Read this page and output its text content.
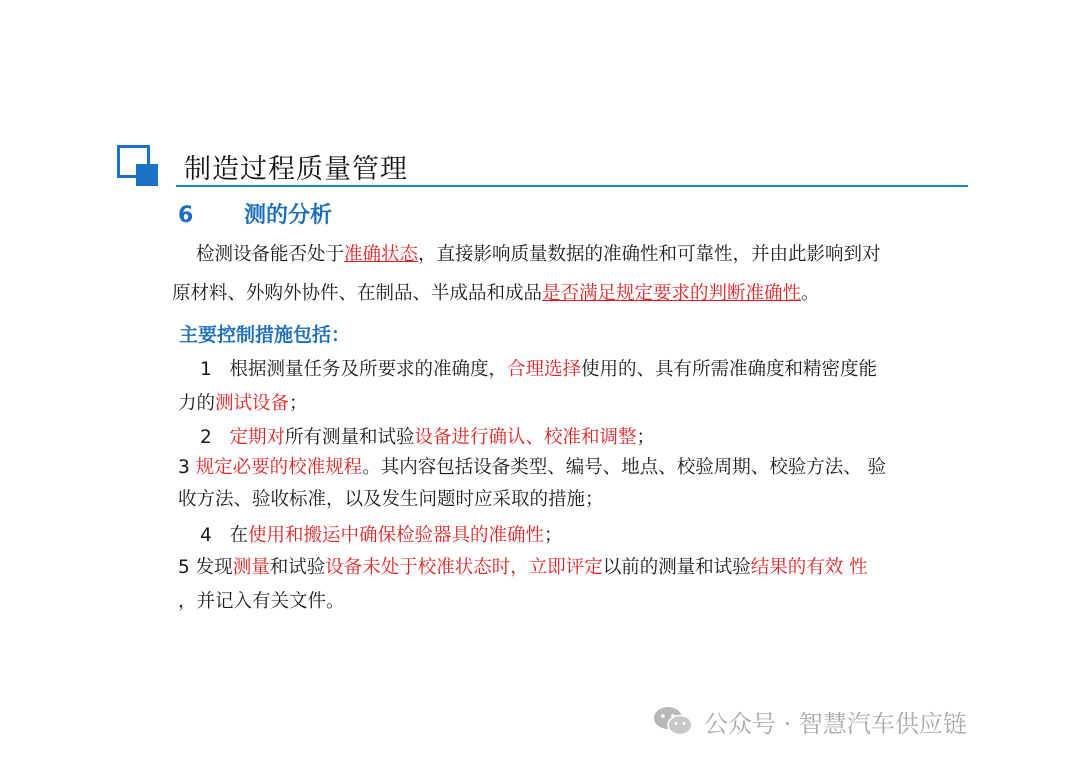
制造过程质量管理
6 测的分析
检测设备能否处于准确状态，直接影响质量数据的准确性和可靠性，并由此影响到对
原材料、外购外协件、在制品、半成品和成品是否满足规定要求的判断准确性。
主要控制措施包括：
1 根据测量任务及所要求的准确度，合理选择使用的、具有所需准确度和精密度能
力的测试设备；
2 定期对所有测量和试验设备进行确认、校准和调整；
3 规定必要的校准规程。其内容包括设备类型、编号、地点、校验周期、校验方法、 验
收方法、验收标准，以及发生问题时应采取的措施；
4 在使用和搬运中确保检验器具的准确性；
5 发现测量和试验设备未处于校准状态时，立即评定以前的测量和试验结果的有效 性
，并记入有关文件。
公众号 · 智慧汽车供应链
